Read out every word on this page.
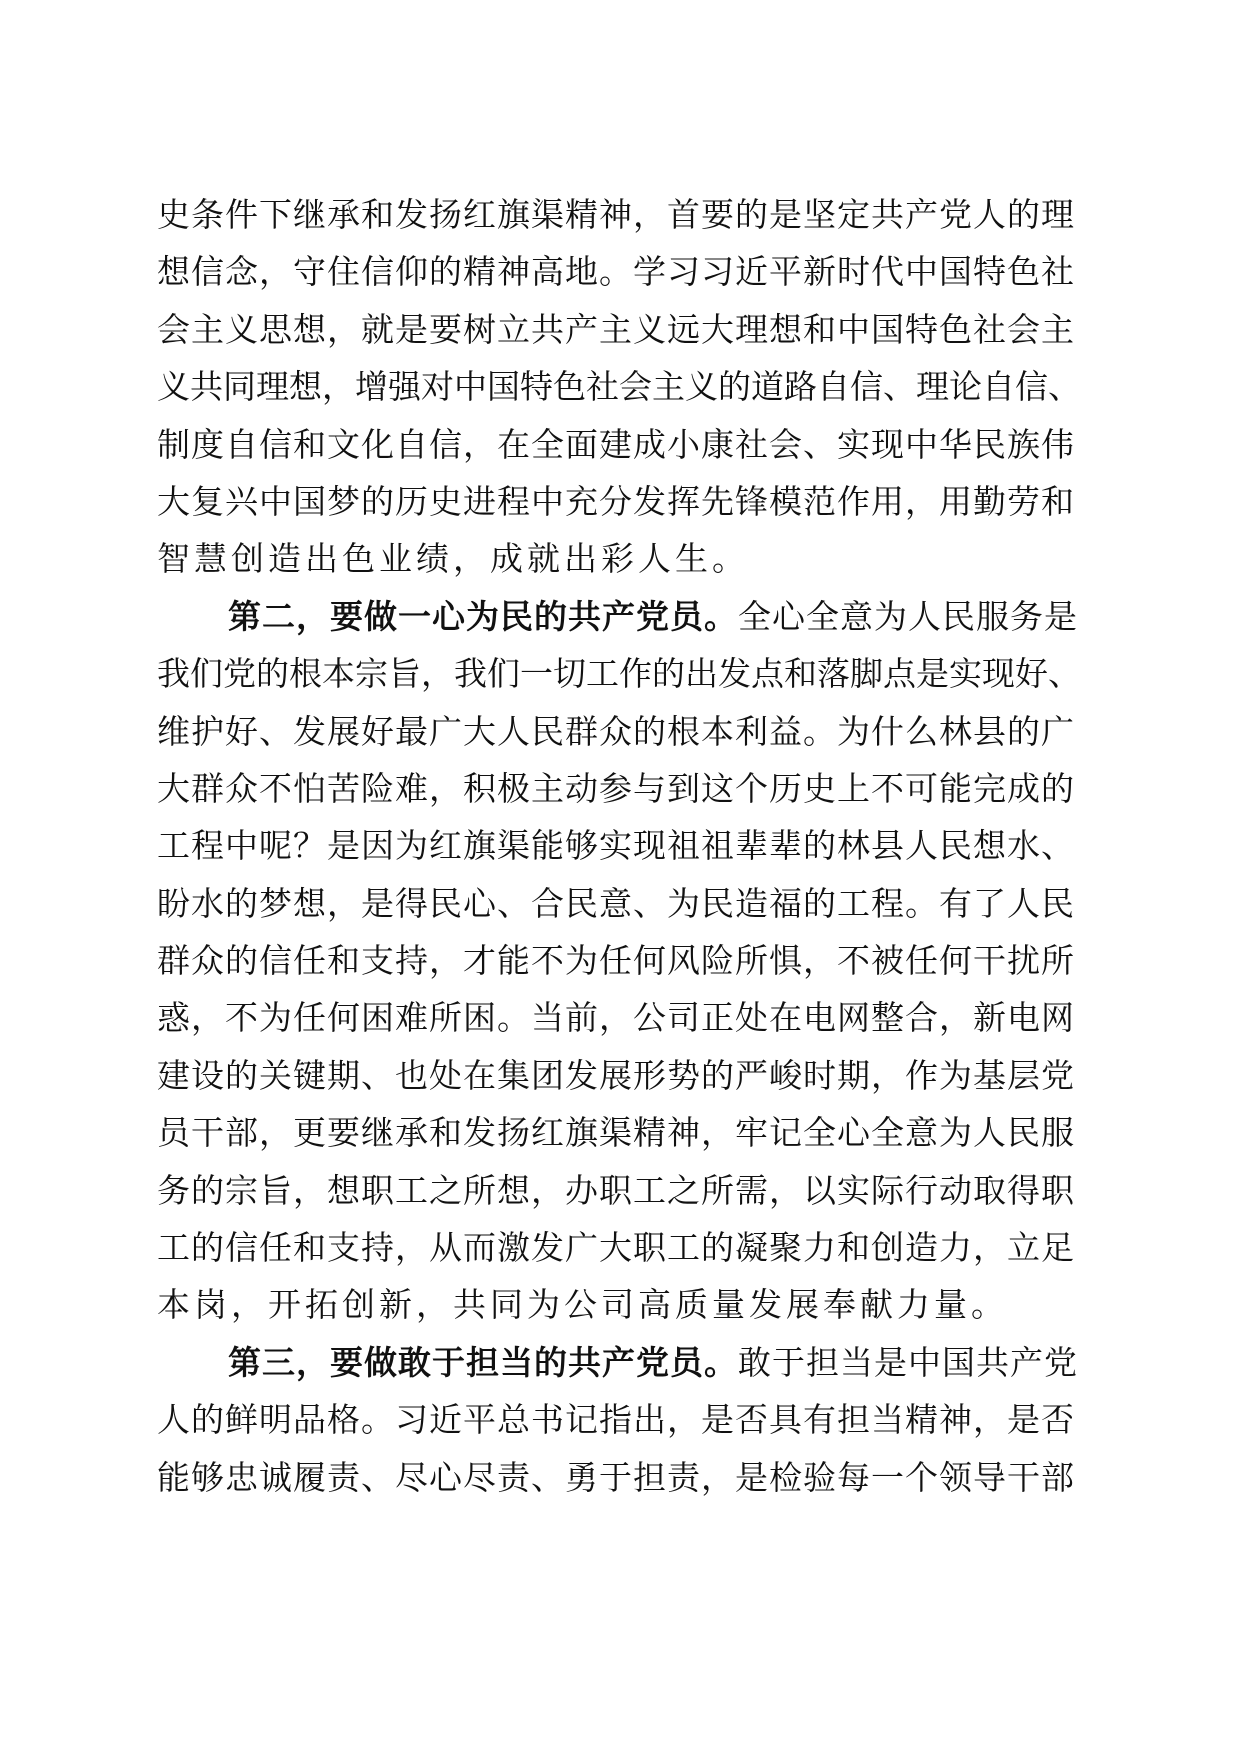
史条件下继承和发扬红旗渠精神，首要的是坚定共产党人的理
想信念，守住信仰的精神高地。学习习近平新时代中国特色社
会主义思想，就是要树立共产主义远大理想和中国特色社会主
义共同理想，增强对中国特色社会主义的道路自信、理论自信、
制度自信和文化自信，在全面建成小康社会、实现中华民族伟
大复兴中国梦的历史进程中充分发挥先锋模范作用，用勤劳和
智慧创造出色业绩，成就出彩人生。
第二，要做一心为民的共产党员。全心全意为人民服务是
我们党的根本宗旨，我们一切工作的出发点和落脚点是实现好、
维护好、发展好最广大人民群众的根本利益。为什么林县的广
大群众不怕苦险难，积极主动参与到这个历史上不可能完成的
工程中呢？是因为红旗渠能够实现祖祖辈辈的林县人民想水、
盼水的梦想，是得民心、合民意、为民造福的工程。有了人民
群众的信任和支持，才能不为任何风险所惧，不被任何干扰所
惑，不为任何困难所困。当前，公司正处在电网整合，新电网
建设的关键期、也处在集团发展形势的严峻时期，作为基层党
员干部，更要继承和发扬红旗渠精神，牢记全心全意为人民服
务的宗旨，想职工之所想，办职工之所需，以实际行动取得职
工的信任和支持，从而激发广大职工的凝聚力和创造力，立足
本岗，开拓创新，共同为公司高质量发展奉献力量。
第三，要做敢于担当的共产党员。敢于担当是中国共产党
人的鲜明品格。习近平总书记指出，是否具有担当精神，是否
能够忠诚履责、尽心尽责、勇于担责，是检验每一个领导干部
